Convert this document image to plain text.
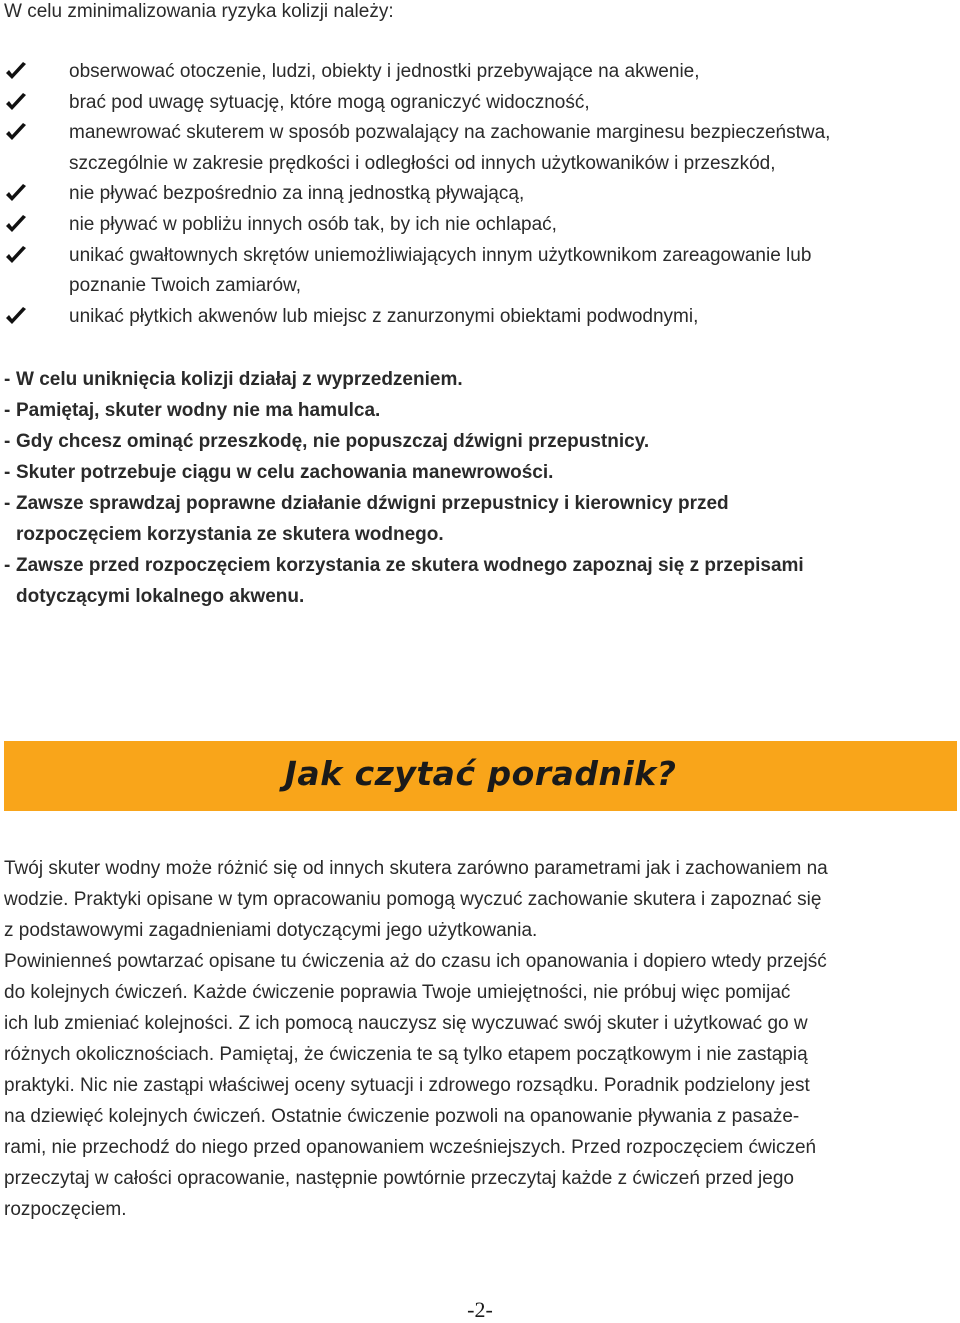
W celu zminimalizowania ryzyka kolizji należy:
obserwować otoczenie, ludzi, obiekty i jednostki przebywające na akwenie,
brać pod uwagę sytuację, które mogą ograniczyć widoczność,
manewrować skuterem w sposób pozwalający na zachowanie marginesu bezpieczeństwa,
szczególnie w zakresie prędkości i odległości od innych użytkowaników i przeszkód,
nie pływać bezpośrednio za inną jednostką pływającą,
nie pływać w pobliżu innych osób tak, by ich nie ochlapać,
unikać gwałtownych skrętów uniemożliwiających innym użytkownikom zareagowanie lub
poznanie Twoich zamiarów,
unikać płytkich akwenów lub miejsc z zanurzonymi obiektami podwodnymi,
- W celu uniknięcia kolizji działaj z wyprzedzeniem.
- Pamiętaj, skuter wodny nie ma hamulca.
- Gdy chcesz ominąć przeszkodę, nie popuszczaj dźwigni przepustnicy.
- Skuter potrzebuje ciągu w celu zachowania manewrowości.
- Zawsze sprawdzaj poprawne działanie dźwigni przepustnicy i kierownicy przed
rozpoczęciem korzystania ze skutera wodnego.
- Zawsze przed rozpoczęciem korzystania ze skutera wodnego zapoznaj się z przepisami
dotyczącymi lokalnego akwenu.
Jak czytać poradnik?

Twój skuter wodny może różnić się od innych skutera zarówno parametrami jak i zachowaniem na

wodzie. Praktyki opisane w tym opracowaniu pomogą wyczuć zachowanie skutera i zapoznać się

z podstawowymi zagadnieniami dotyczącymi jego użytkowania.

Powinienneś powtarzać opisane tu ćwiczenia aż do czasu ich opanowania i dopiero wtedy przejść

do kolejnych ćwiczeń. Każde ćwiczenie poprawia Twoje umiejętności, nie próbuj więc pomijać

ich lub zmieniać kolejności. Z ich pomocą nauczysz się wyczuwać swój skuter i użytkować go w

różnych okolicznościach. Pamiętaj, że ćwiczenia te są tylko etapem początkowym i nie zastąpią

praktyki. Nic nie zastąpi właściwej oceny sytuacji i zdrowego rozsądku. Poradnik podzielony jest

na dziewięć kolejnych ćwiczeń. Ostatnie ćwiczenie pozwoli na opanowanie pływania z pasaże-

rami, nie przechodź do niego przed opanowaniem wcześniejszych. Przed rozpoczęciem ćwiczeń

przeczytaj w całości opracowanie, następnie powtórnie przeczytaj każde z ćwiczeń przed jego

rozpoczęciem.

-2-
